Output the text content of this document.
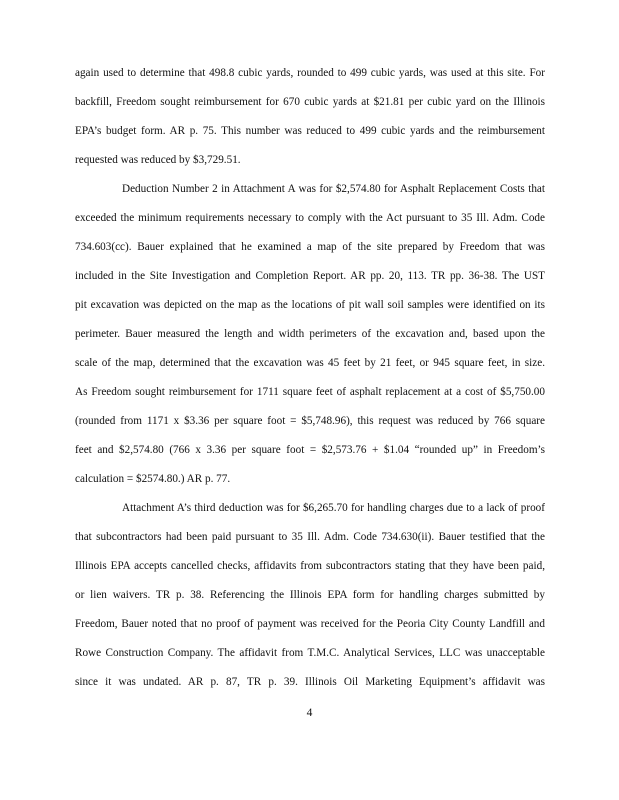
again used to determine that 498.8 cubic yards, rounded to 499 cubic yards, was used at this site. For
backfill, Freedom sought reimbursement for 670 cubic yards at $21.81 per cubic yard on the Illinois
EPA’s budget form. AR p. 75. This number was reduced to 499 cubic yards and the reimbursement
requested was reduced by $3,729.51.
Deduction Number 2 in Attachment A was for $2,574.80 for Asphalt Replacement Costs that
exceeded the minimum requirements necessary to comply with the Act pursuant to 35 Ill. Adm. Code
734.603(cc). Bauer explained that he examined a map of the site prepared by Freedom that was
included in the Site Investigation and Completion Report. AR pp. 20, 113. TR pp. 36-38. The UST
pit excavation was depicted on the map as the locations of pit wall soil samples were identified on its
perimeter. Bauer measured the length and width perimeters of the excavation and, based upon the
scale of the map, determined that the excavation was 45 feet by 21 feet, or 945 square feet, in size.
As Freedom sought reimbursement for 1711 square feet of asphalt replacement at a cost of $5,750.00
(rounded from 1171 x $3.36 per square foot = $5,748.96), this request was reduced by 766 square
feet and $2,574.80 (766 x 3.36 per square foot = $2,573.76 + $1.04 “rounded up” in Freedom’s
calculation = $2574.80.) AR p. 77.
Attachment A’s third deduction was for $6,265.70 for handling charges due to a lack of proof
that subcontractors had been paid pursuant to 35 Ill. Adm. Code 734.630(ii). Bauer testified that the
Illinois EPA accepts cancelled checks, affidavits from subcontractors stating that they have been paid,
or lien waivers. TR p. 38. Referencing the Illinois EPA form for handling charges submitted by
Freedom, Bauer noted that no proof of payment was received for the Peoria City County Landfill and
Rowe Construction Company. The affidavit from T.M.C. Analytical Services, LLC was unacceptable
since it was undated. AR p. 87, TR p. 39. Illinois Oil Marketing Equipment’s affidavit was
4
